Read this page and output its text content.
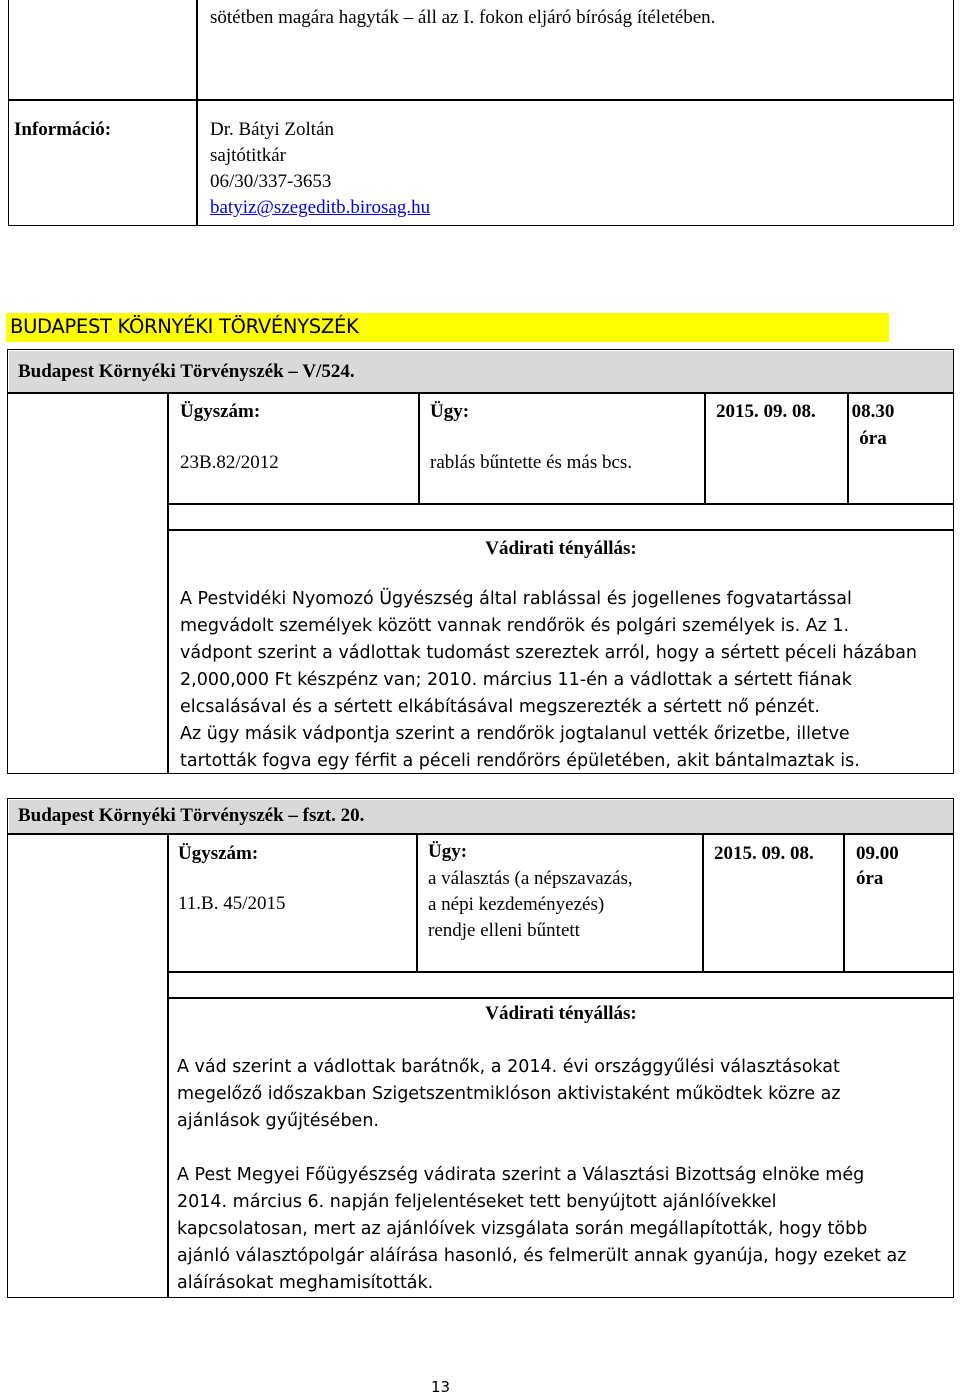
sötétben magára hagyták – áll az I. fokon eljáró bíróság ítéletében.
Információ:	Dr. Bátyi Zoltán
sajtótitkár
06/30/337-3653
batyiz@szegeditb.birosag.hu
BUDAPEST KÖRNYÉKI TÖRVÉNYSZÉK
Budapest Környéki Törvényszék – V/524.
Ügyszám:
23B.82/2012
Ügy:
rablás bűntette és más bcs.
2015. 09. 08. 08.30
óra
Vádirati tényállás:
A Pestvidéki Nyomozó Ügyészség által rablással és jogellenes fogvatartással
megvádolt személyek között vannak rendőrök és polgári személyek is. Az 1.
vádpont szerint a vádlottak tudomást szereztek arról, hogy a sértett péceli házában
2,000,000 Ft készpénz van; 2010. március 11-én a vádlottak a sértett fiának
elcsalásával és a sértett elkábításával megszerezték a sértett nő pénzét.
Az ügy másik vádpontja szerint a rendőrök jogtalanul vették őrizetbe, illetve
tartották fogva egy férfit a péceli rendőrörs épületében, akit bántalmaztak is.
Budapest Környéki Törvényszék – fszt. 20.
Ügyszám:
11.B. 45/2015
Ügy:
a választás (a népszavazás,
a népi kezdeményezés)
rendje elleni bűntett
2015. 09. 08. 09.00
óra
Vádirati tényállás:
A vád szerint a vádlottak barátnők, a 2014. évi országgyűlési választásokat
megelőző időszakban Szigetszentmiklóson aktivistaként működtek közre az
ajánlások gyűjtésében.
A Pest Megyei Főügyészség vádirata szerint a Választási Bizottság elnöke még
2014. március 6. napján feljelentéseket tett benyújtott ajánlóívekkel
kapcsolatosan, mert az ajánlóívek vizsgálata során megállapították, hogy több
ajánló választópolgár aláírása hasonló, és felmerült annak gyanúja, hogy ezeket az
aláírásokat meghamisították.
13
